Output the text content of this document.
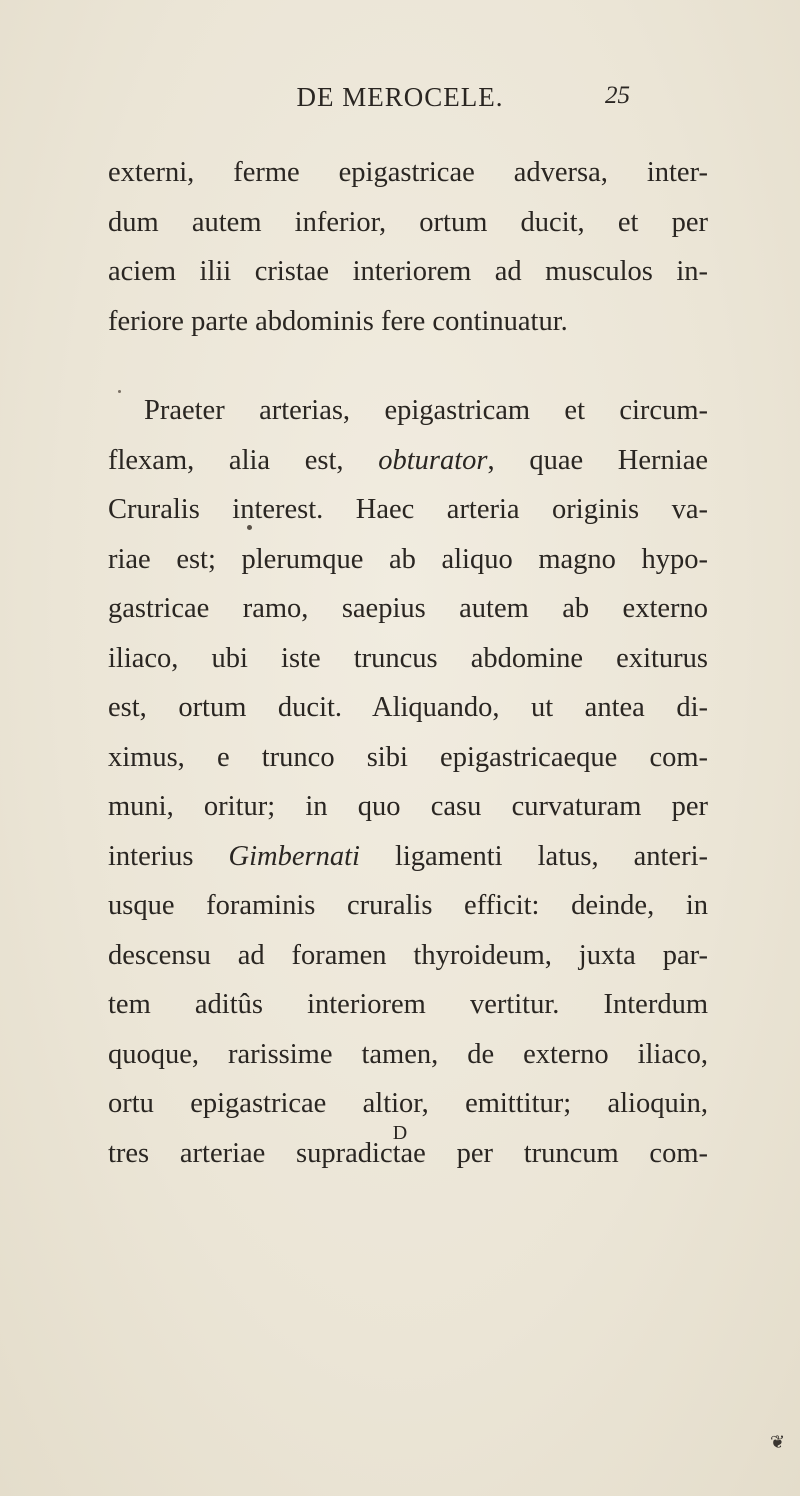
DE MEROCELE.	25
externi, ferme epigastricae adversa, inter-
dum autem inferior, ortum ducit, et per
aciem ilii cristae interiorem ad musculos in-
feriore parte abdominis fere continuatur.
Praeter arterias, epigastricam et circum-
flexam, alia est, obturator, quae Herniae
Cruralis interest. Haec arteria originis va-
riae est; plerumque ab aliquo magno hypo-
gastricae ramo, saepius autem ab externo
iliaco, ubi iste truncus abdomine exiturus
est, ortum ducit. Aliquando, ut antea di-
ximus, e trunco sibi epigastricaeque com-
muni, oritur; in quo casu curvaturam per
interius Gimbernati ligamenti latus, anteri-
usque foraminis cruralis efficit: deinde, in
descensu ad foramen thyroideum, juxta par-
tem aditûs interiorem vertitur. Interdum
quoque, rarissime tamen, de externo iliaco,
ortu epigastricae altior, emittitur; alioquin,
tres arteriae supradictae per truncum com-
D
❦
